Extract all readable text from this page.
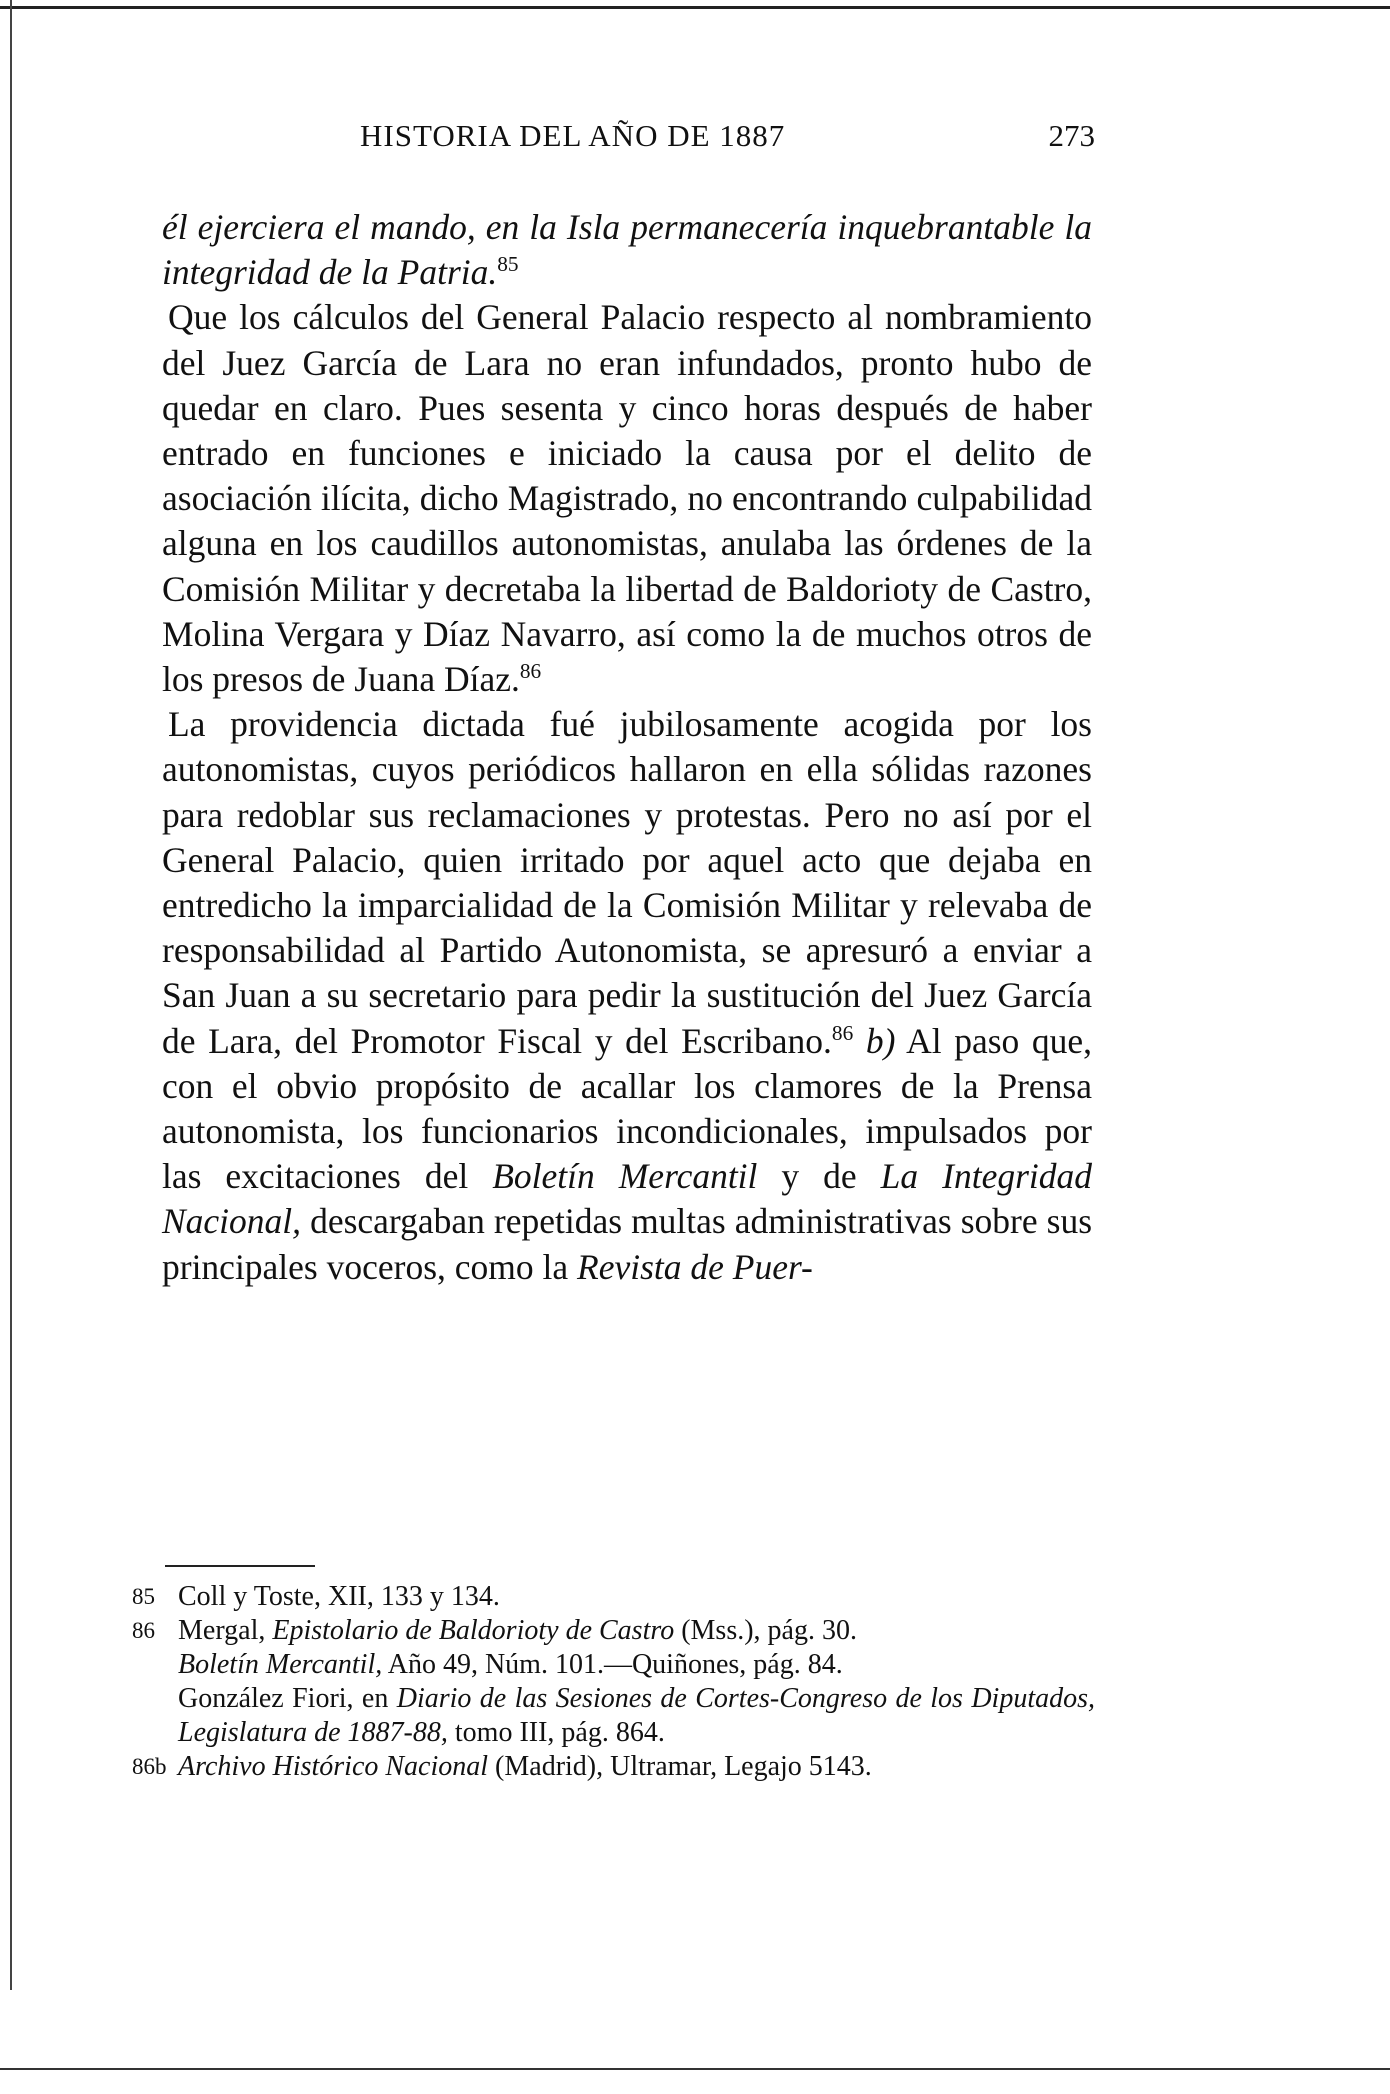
HISTORIA DEL AÑO DE 1887	273

él ejerciera el mando, en la Isla permanecería inquebrantable la integridad de la Patria.$^{85}$

Que los cálculos del General Palacio respecto al nombramiento del Juez García de Lara no eran infundados, pronto hubo de quedar en claro. Pues sesenta y cinco horas después de haber entrado en funciones e iniciado la causa por el delito de asociación ilícita, dicho Magistrado, no encontrando culpabilidad alguna en los caudillos autonomistas, anulaba las órdenes de la Comisión Militar y decretaba la libertad de Baldorioty de Castro, Molina Vergara y Díaz Navarro, así como la de muchos otros de los presos de Juana Díaz.$^{86}$

La providencia dictada fué jubilosamente acogida por los autonomistas, cuyos periódicos hallaron en ella sólidas razones para redoblar sus reclamaciones y protestas. Pero no así por el General Palacio, quien irritado por aquel acto que dejaba en entredicho la imparcialidad de la Comisión Militar y relevaba de responsabilidad al Partido Autonomista, se apresuró a enviar a San Juan a su secretario para pedir la sustitución del Juez García de Lara, del Promotor Fiscal y del Escribano.$^{86}$ b) Al paso que, con el obvio propósito de acallar los clamores de la Prensa autonomista, los funcionarios incondicionales, impulsados por las excitaciones del Boletín Mercantil y de La Integridad Nacional, descargaban repetidas multas administrativas sobre sus principales voceros, como la Revista de Puer-

85 Coll y Toste, XII, 133 y 134.
86 Mergal, Epistolario de Baldorioty de Castro (Mss.), pág. 30.
Boletín Mercantil, Año 49, Núm. 101.—Quiñones, pág. 84.
González Fiori, en Diario de las Sesiones de Cortes-Congreso de los Diputados, Legislatura de 1887-88, tomo III, pág. 864.
86b Archivo Histórico Nacional (Madrid), Ultramar, Legajo 5143.
